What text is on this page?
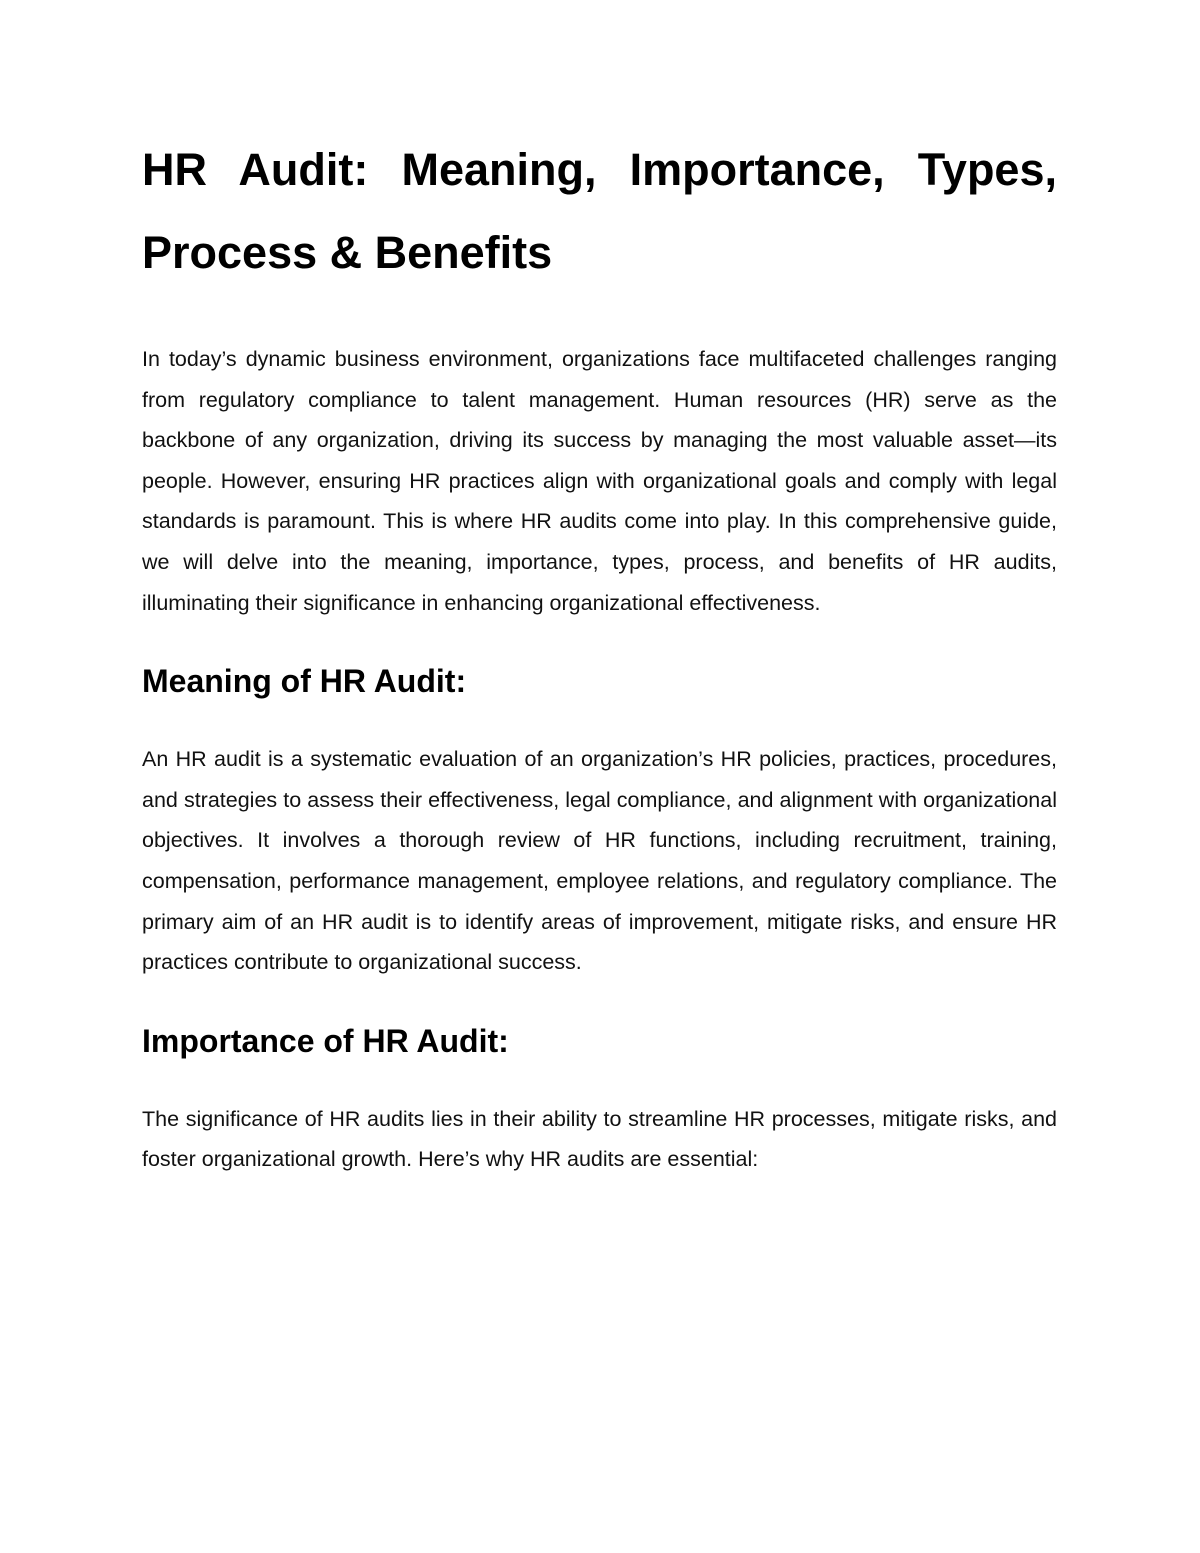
HR Audit: Meaning, Importance, Types, Process & Benefits

In today’s dynamic business environment, organizations face multifaceted challenges ranging from regulatory compliance to talent management. Human resources (HR) serve as the backbone of any organization, driving its success by managing the most valuable asset—its people. However, ensuring HR practices align with organizational goals and comply with legal standards is paramount. This is where HR audits come into play. In this comprehensive guide, we will delve into the meaning, importance, types, process, and benefits of HR audits, illuminating their significance in enhancing organizational effectiveness.

Meaning of HR Audit:

An HR audit is a systematic evaluation of an organization’s HR policies, practices, procedures, and strategies to assess their effectiveness, legal compliance, and alignment with organizational objectives. It involves a thorough review of HR functions, including recruitment, training, compensation, performance management, employee relations, and regulatory compliance. The primary aim of an HR audit is to identify areas of improvement, mitigate risks, and ensure HR practices contribute to organizational success.

Importance of HR Audit:

The significance of HR audits lies in their ability to streamline HR processes, mitigate risks, and foster organizational growth. Here’s why HR audits are essential:
